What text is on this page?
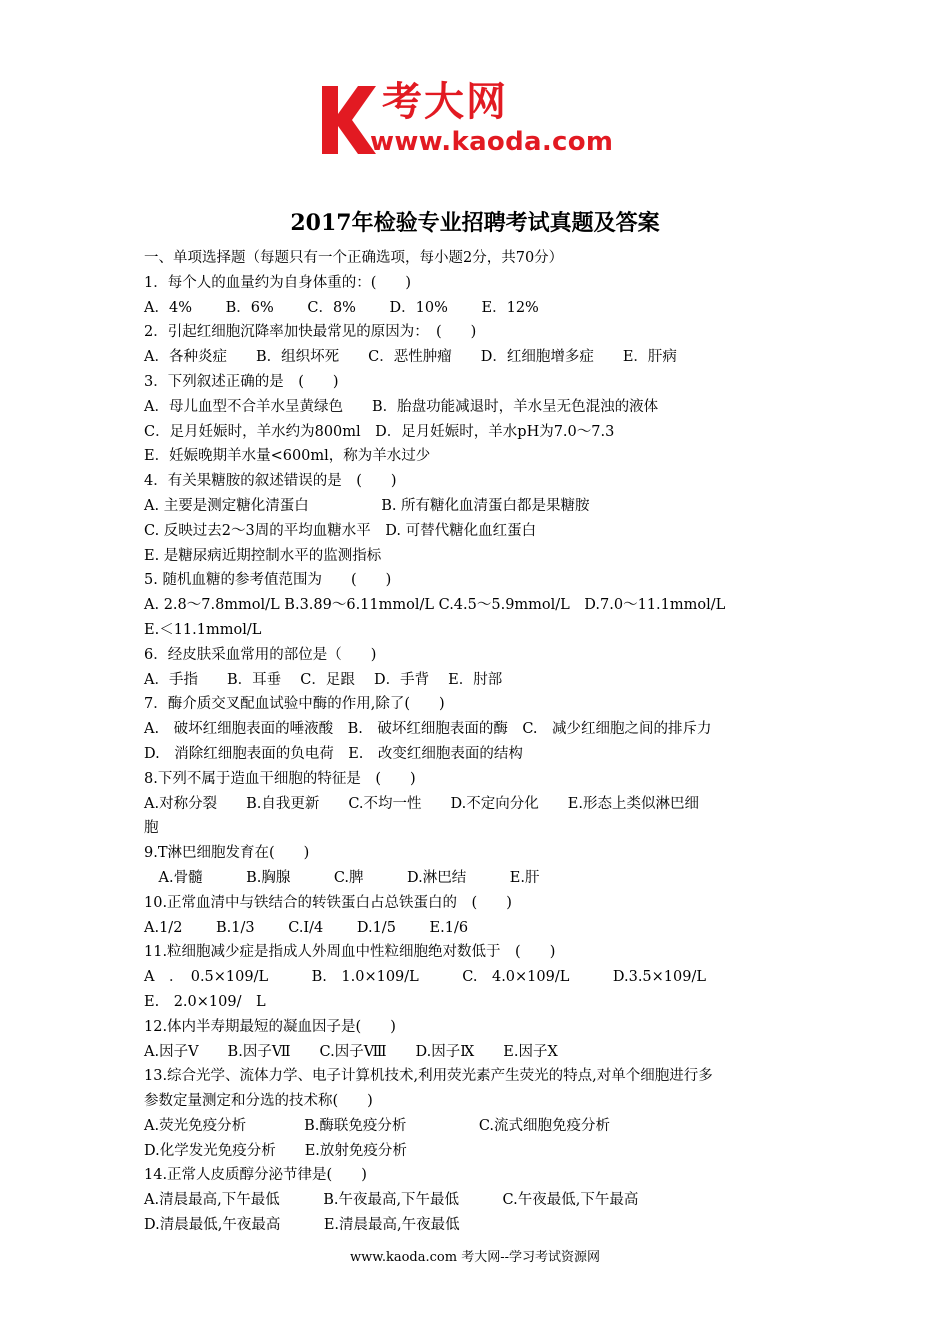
考大网
www.kaoda.com
2017年检验专业招聘考试真题及答案
一、单项选择题（每题只有一个正确选项，每小题2分，共70分）
1．每个人的血量约为自身体重的：(　　)
A．4%　　 B．6%　　 C．8%　　 D．10%　　 E．12%
2．引起红细胞沉降率加快最常见的原因为：　(　　)
A．各种炎症　　B．组织坏死　　C．恶性肿瘤　　D．红细胞增多症　　E．肝病
3．下列叙述正确的是　(　　)
A．母儿血型不合羊水呈黄绿色　　B．胎盘功能减退时，羊水呈无色混浊的液体
C．足月妊娠时，羊水约为800ml　D．足月妊娠时，羊水pH为7.0～7.3
E．妊娠晚期羊水量<600ml，称为羊水过少
4．有关果糖胺的叙述错误的是　(　　)
A. 主要是测定糖化清蛋白　　　　　B. 所有糖化血清蛋白都是果糖胺
C. 反映过去2～3周的平均血糖水平　D. 可替代糖化血红蛋白
E. 是糖尿病近期控制水平的监测指标
5. 随机血糖的参考值范围为　　(　　)
A. 2.8～7.8mmol/L B.3.89～6.11mmol/L C.4.5～5.9mmol/L　D.7.0～11.1mmol/L
E.＜11.1mmol/L
6．经皮肤采血常用的部位是（　　)
A．手指　　B．耳垂　 C．足跟　 D．手背　 E．肘部
7．酶介质交叉配血试验中酶的作用,除了(　　)
A.　破坏红细胞表面的唾液酸　B.　破坏红细胞表面的酶　C.　减少红细胞之间的排斥力
D.　消除红细胞表面的负电荷　E.　改变红细胞表面的结构
8.下列不属于造血干细胞的特征是　(　　)
A.对称分裂　　B.自我更新　　C.不均一性　　D.不定向分化　　E.形态上类似淋巴细
胞
9.T淋巴细胞发育在(　　)
　A.骨髓　　　B.胸腺　　　C.脾　　　D.淋巴结　　　E.肝
10.正常血清中与铁结合的转铁蛋白占总铁蛋白的　(　　)
A.1/2　　 B.1/3　　 C.I/4　　 D.1/5　　 E.1/6
11.粒细胞减少症是指成人外周血中性粒细胞绝对数低于　(　　)
A　．　0.5×109/L　　　B.　1.0×109/L　　　C.　4.0×109/L　　　D.3.5×109/L
E.　2.0×109/　L
12.体内半寿期最短的凝血因子是(　　)
A.因子Ⅴ　　B.因子Ⅶ　　C.因子Ⅷ　　D.因子Ⅸ　　E.因子Ⅹ
13.综合光学、流体力学、电子计算机技术,利用荧光素产生荧光的特点,对单个细胞进行多
参数定量测定和分选的技术称(　　)
A.荧光免疫分析　　　　B.酶联免疫分析　　　　　C.流式细胞免疫分析
D.化学发光免疫分析　　E.放射免疫分析
14.正常人皮质醇分泌节律是(　　)
A.清晨最高,下午最低　　　B.午夜最高,下午最低　　　C.午夜最低,下午最高
D.清晨最低,午夜最高　　　E.清晨最高,午夜最低
www.kaoda.com 考大网--学习考试资源网
